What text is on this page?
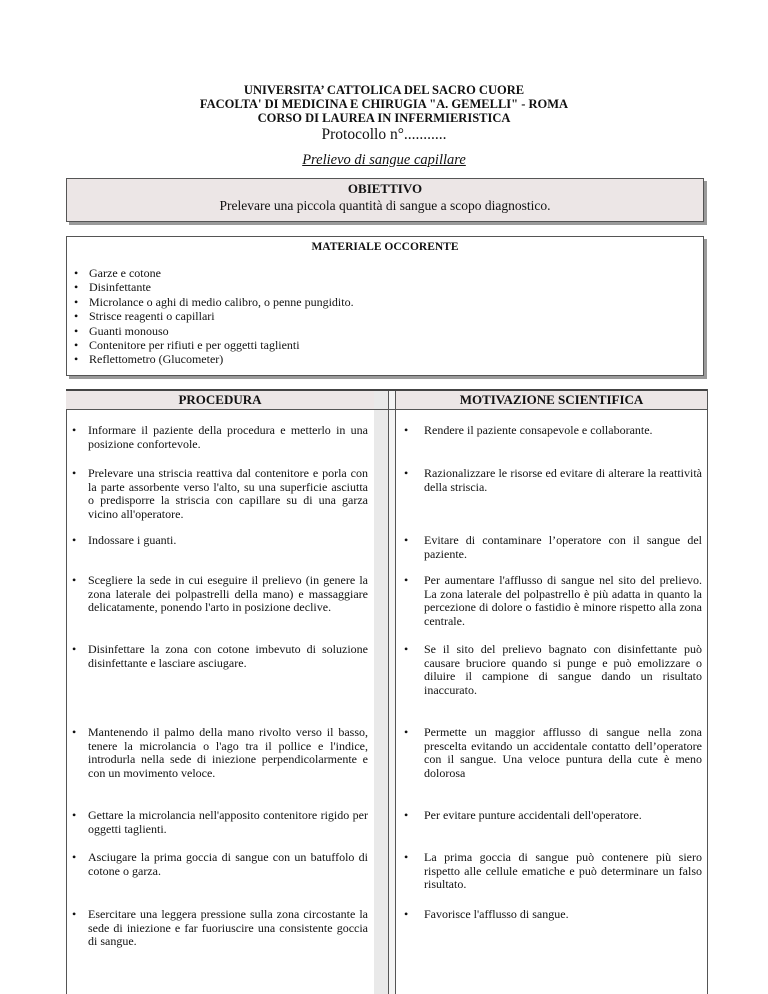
UNIVERSITA’ CATTOLICA DEL SACRO CUORE
FACOLTA' DI MEDICINA E CHIRUGIA "A. GEMELLI" - ROMA
CORSO DI LAUREA IN INFERMIERISTICA
Protocollo n°...........
Prelievo di sangue capillare
OBIETTIVO
Prelevare una piccola quantità di sangue a scopo diagnostico.
MATERIALE OCCORENTE
• Garze e cotone
• Disinfettante
• Microlance o aghi di medio calibro, o penne pungidito.
• Strisce reagenti o capillari
• Guanti monouso
• Contenitore per rifiuti e per oggetti taglienti
• Reflettometro (Glucometer)
PROCEDURA	MOTIVAZIONE SCIENTIFICA
• Informare il paziente della procedura e metterlo in una posizione confortevole.
• Rendere il paziente consapevole e collaborante.
• Prelevare una striscia reattiva dal contenitore e porla con la parte assorbente verso l'alto, su una superficie asciutta o predisporre la striscia con capillare su di una garza vicino all'operatore.
• Razionalizzare le risorse ed evitare di alterare la reattività della striscia.
• Indossare i guanti.
•	Evitare di contaminare l’operatore con il sangue del paziente.
• Scegliere la sede in cui eseguire il prelievo (in genere la zona laterale dei polpastrelli della mano) e massaggiare delicatamente, ponendo l'arto in posizione declive.
• Per aumentare l'afflusso di sangue nel sito del prelievo. La zona laterale del polpastrello è più adatta in quanto la percezione di dolore o fastidio è minore rispetto alla zona centrale.
• Disinfettare la zona con cotone imbevuto di soluzione disinfettante e lasciare asciugare.
• Se il sito del prelievo bagnato con disinfettante può causare bruciore quando si punge e può emolizzare o diluire il campione di sangue dando un risultato inaccurato.
• Mantenendo il palmo della mano rivolto verso il basso, tenere la microlancia o l'ago tra il pollice e l'indice, introdurla nella sede di iniezione perpendicolarmente e con un movimento veloce.
• Permette un maggior afflusso di sangue nella zona prescelta evitando un accidentale contatto dell’operatore con il sangue. Una veloce puntura della cute è meno dolorosa
• Gettare la microlancia nell'apposito contenitore rigido per oggetti taglienti.
• Per evitare punture accidentali dell'operatore.
• Asciugare la prima goccia di sangue con un batuffolo di cotone o garza.
• La prima goccia di sangue può contenere più siero rispetto alle cellule ematiche e può determinare un falso risultato.
• Esercitare una leggera pressione sulla zona circostante la sede di iniezione e far fuoriuscire una consistente goccia di sangue.
• Favorisce l'afflusso di sangue.
